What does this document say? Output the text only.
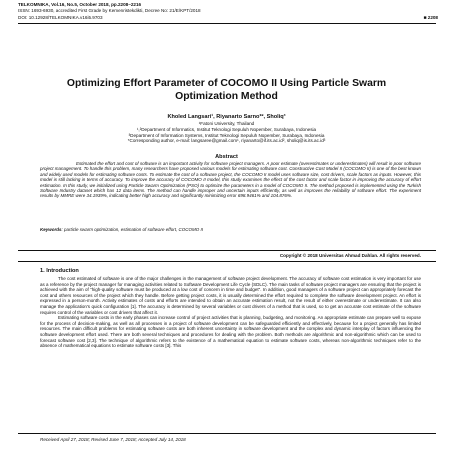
TELKOMNIKA, Vol.16, No.5, October 2018, pp.2208~2216
ISSN: 1693-6930, accredited First Grade by Kemenristekdikti, Decree No: 21/E/KPT/2018
DOI: 10.12928/TELKOMNIKA.v16i5.9703	■ 2208
Optimizing Effort Parameter of COCOMO II Using Particle Swarm Optimization Method
Kholed Langsari¹, Riyanarto Sarno*², Sholiq³
¹Fatoni University, Thailand
¹,²Department of Informatics, Institut Teknologi Sepuluh Nopember, Surabaya, Indonesia
³Department of Information Systems, Institut Teknologi Sepuluh Nopember, Surabaya, Indonesia
*Corresponding author, e-mail: langsaree@gmail.com¹, riyanarto@if.its.ac.id², sholiq@is.its.ac.id³
Abstract
Estimated the effort and cost of software is an important activity for software project managers. A poor estimate (overestimates or underestimates) will result in poor software project management. To handle this problem, many researchers have proposed various models for estimating software cost. Constructive Cost Model II (COCOMO II) is one of the best known and widely used models for estimating software costs. To estimate the cost of a software project, the COCOMO II model uses software size, cost drivers, scale factors as inputs. However, this model is still lacking in terms of accuracy. To improve the accuracy of COCOMO II model, this study examines the effect of the cost factor and scale factor in improving the accuracy of effort estimation. In this study, we initialized using Particle Swarm Optimization (PSO) to optimize the parameters in a model of COCOMO II. The method proposed is implemented using the Turkish Software Industry dataset which has 12 data items. The method can handle improper and uncertain inputs efficiently, as well as improves the reliability of software effort. The experiment results by MMRE were 34.1939%, indicating better high accuracy and significantly minimizing error 698.9461% and 104.876%.
Keywords: particle swarm optimization, estimation of software effort, COCOMO II
Copyright © 2018 Universitas Ahmad Dahlan. All rights reserved.
1. Introduction

The cost estimated of software is one of the major challenges in the management of software project development. The accuracy of software cost estimation is very important for use as a reference by the project manager for managing activities related to Software Development Life Cycle (SDLC). The main tasks of software project managers are ensuring that the project is achieved with the aim of "high-quality software must be produced at a low cost of concern in time and budget". In addition, good managers of a software project can appropriately forecast the cost and others resources of the project which they handle. Before getting project costs, it is usually determined the effort required to complete the software development project. An effort is expressed in a person-month. Activity estimates of costs and efforts are intended to obtain an accurate estimation result, not the result of either overestimate or underestimate. It can also manage the application's quick configuration [1]. The accuracy is determined by several variables or cost drivers of a method that is used, so to get an accurate cost estimate of the software requires control of the variables or cost drivers that affect it.

Estimating software costs in the early phases can increase control of project activities that is planning, budgeting, and monitoring. An appropriate estimate can prepare well to expose for the process of decision-making, as well as all processes in a project of software development can be safeguarded efficiently and effectively, because for a project generally has limited resources. The main difficult problems for estimating software costs are both inherent uncertainty in software development and the complex and dynamic interplay of factors influencing the software development effort used. There are both several techniques and procedures for dealing with the problem. Both methods are algorithmic and non-algorithmic which can be used to forecast software cost [2,3]. The technique of algorithmic refers to the existence of a mathematical equation to estimate software costs, whereas non-algorithmic techniques refer to the absence of mathematical equations to estimate software costs [3]. This

Received April 27, 2018; Revised June 7, 2018; Accepted July 14, 2018
